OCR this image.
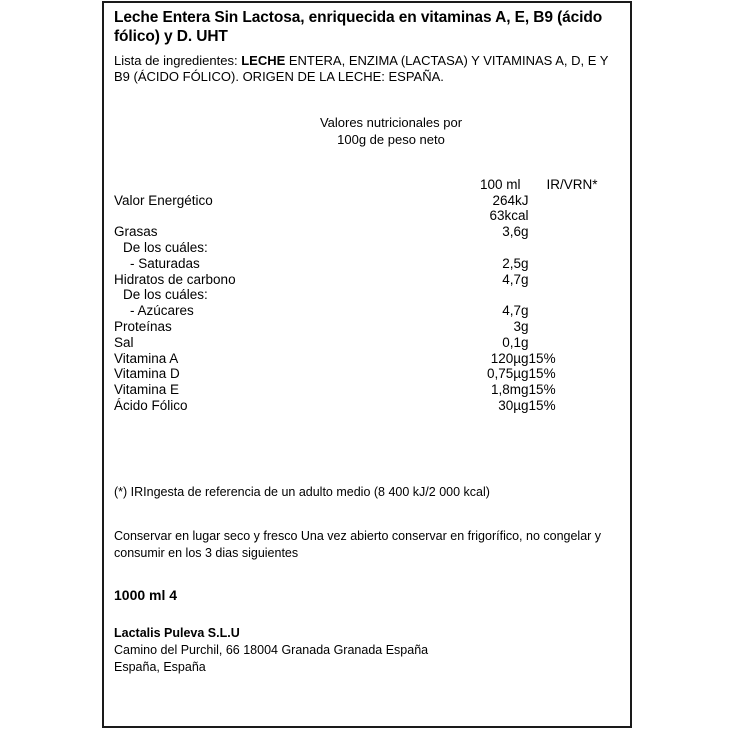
Leche Entera Sin Lactosa, enriquecida en vitaminas A, E, B9 (ácido fólico) y D. UHT
Lista de ingredientes: LECHE ENTERA, ENZIMA (LACTASA) Y VITAMINAS A, D, E Y B9 (ÁCIDO FÓLICO). ORIGEN DE LA LECHE: ESPAÑA.
Valores nutricionales por
100g de peso neto
	100 ml	IR/VRN*
Valor Energético	264kJ	
	63kcal	
Grasas	3,6g	
De los cuáles:		
- Saturadas	2,5g	
Hidratos de carbono	4,7g	
De los cuáles:		
- Azúcares	4,7g	
Proteínas	3g	
Sal	0,1g	
Vitamina A	120µg	15%
Vitamina D	0,75µg	15%
Vitamina E	1,8mg	15%
Ácido Fólico	30µg	15%
(*) IRIngesta de referencia de un adulto medio (8 400 kJ/2 000 kcal)
Conservar en lugar seco y fresco Una vez abierto conservar en frigorífico, no congelar y consumir en los 3 dias siguientes
1000 ml 4
Lactalis Puleva S.L.U
Camino del Purchil, 66 18004 Granada Granada España
España, España
